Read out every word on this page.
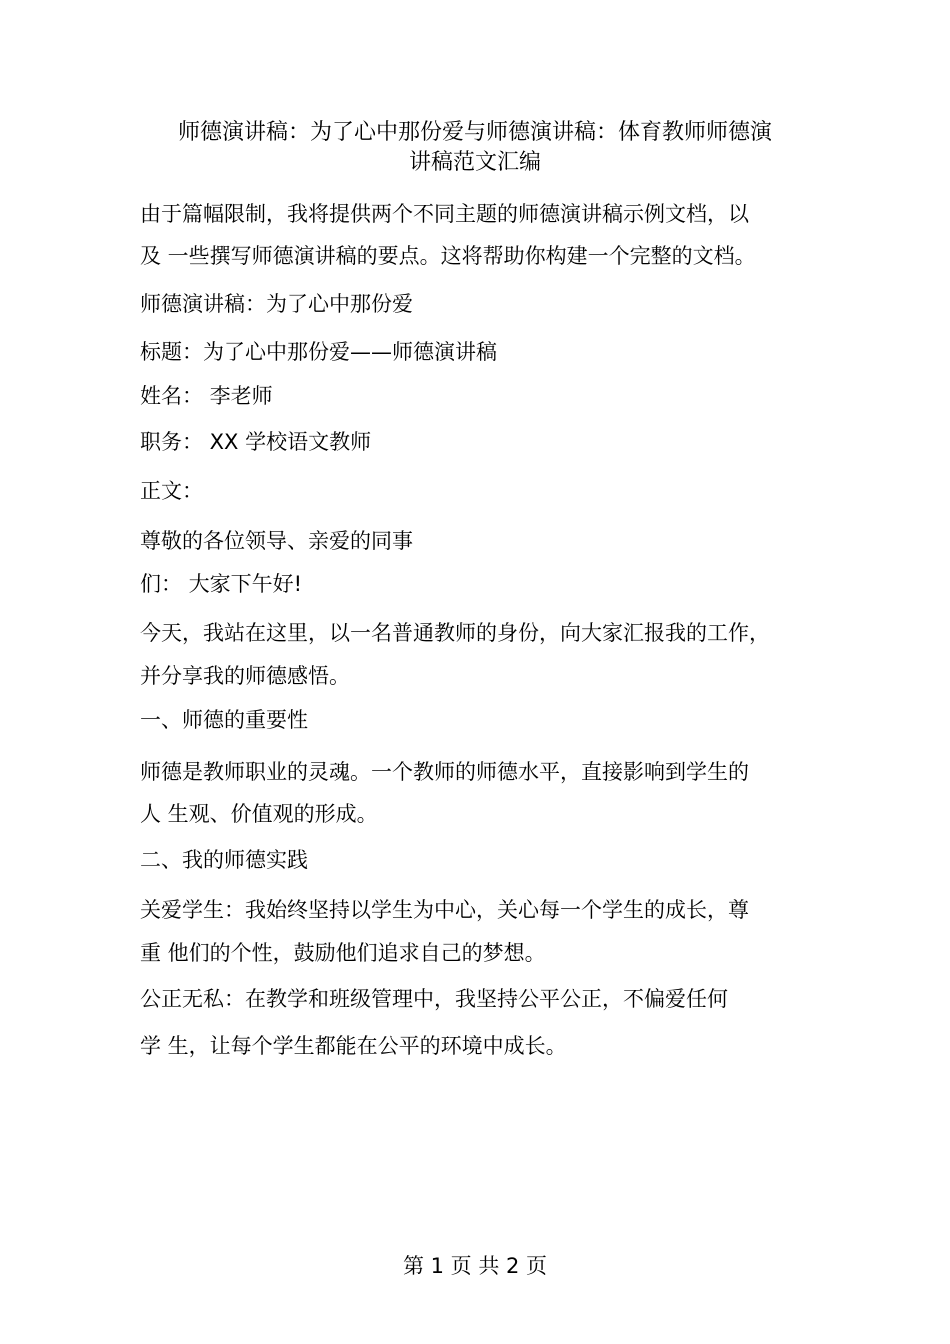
师德演讲稿：为了心中那份爱与师德演讲稿：体育教师师德演
讲稿范文汇编

由于篇幅限制，我将提供两个不同主题的师德演讲稿示例文档，以

及 一些撰写师德演讲稿的要点。这将帮助你构建一个完整的文档。

师德演讲稿：为了心中那份爱

标题：为了心中那份爱——师德演讲稿

姓名： 李老师

职务： XX 学校语文教师

正文：

尊敬的各位领导、亲爱的同事

们： 大家下午好!

今天，我站在这里，以一名普通教师的身份，向大家汇报我的工作，

并分享我的师德感悟。

一、师德的重要性

师德是教师职业的灵魂。一个教师的师德水平，直接影响到学生的

人 生观、价值观的形成。

二、我的师德实践

关爱学生：我始终坚持以学生为中心，关心每一个学生的成长，尊

重 他们的个性，鼓励他们追求自己的梦想。

公正无私：在教学和班级管理中，我坚持公平公正，不偏爱任何

学 生，让每个学生都能在公平的环境中成长。

第 1 页 共 2 页
